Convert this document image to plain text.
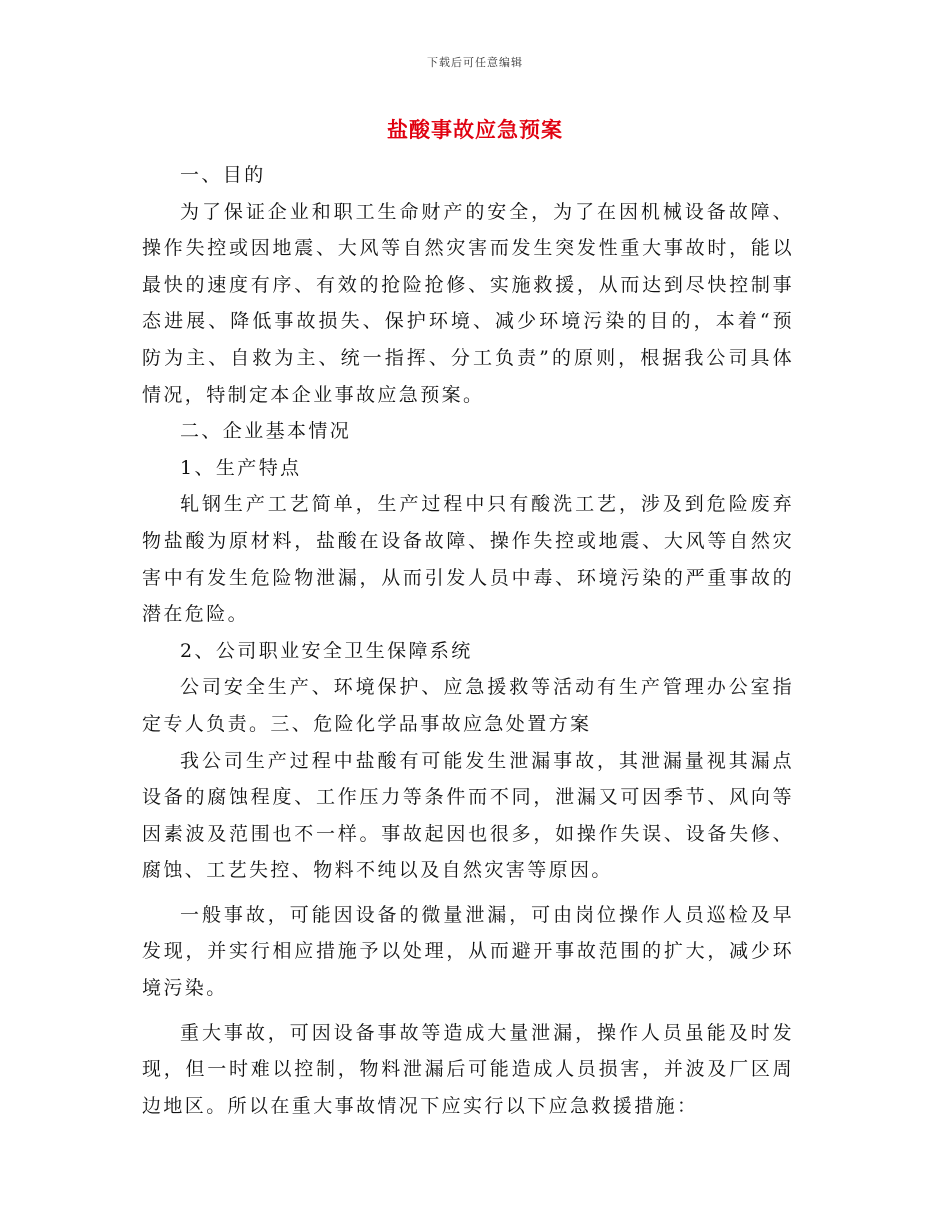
下载后可任意编辑
盐酸事故应急预案

一、目的

为了保证企业和职工生命财产的安全，为了在因机械设备故障、操作失控或因地震、大风等自然灾害而发生突发性重大事故时，能以最快的速度有序、有效的抢险抢修、实施救援，从而达到尽快控制事态进展、降低事故损失、保护环境、减少环境污染的目的，本着“预防为主、自救为主、统一指挥、分工负责”的原则，根据我公司具体情况，特制定本企业事故应急预案。

二、企业基本情况

1、生产特点

轧钢生产工艺简单，生产过程中只有酸洗工艺，涉及到危险废弃物盐酸为原材料，盐酸在设备故障、操作失控或地震、大风等自然灾害中有发生危险物泄漏，从而引发人员中毒、环境污染的严重事故的潜在危险。

2、公司职业安全卫生保障系统

公司安全生产、环境保护、应急援救等活动有生产管理办公室指定专人负责。三、危险化学品事故应急处置方案

我公司生产过程中盐酸有可能发生泄漏事故，其泄漏量视其漏点设备的腐蚀程度、工作压力等条件而不同，泄漏又可因季节、风向等因素波及范围也不一样。事故起因也很多，如操作失误、设备失修、腐蚀、工艺失控、物料不纯以及自然灾害等原因。

一般事故，可能因设备的微量泄漏，可由岗位操作人员巡检及早发现，并实行相应措施予以处理，从而避开事故范围的扩大，减少环境污染。

重大事故，可因设备事故等造成大量泄漏，操作人员虽能及时发现，但一时难以控制，物料泄漏后可能造成人员损害，并波及厂区周边地区。所以在重大事故情况下应实行以下应急救援措施：
